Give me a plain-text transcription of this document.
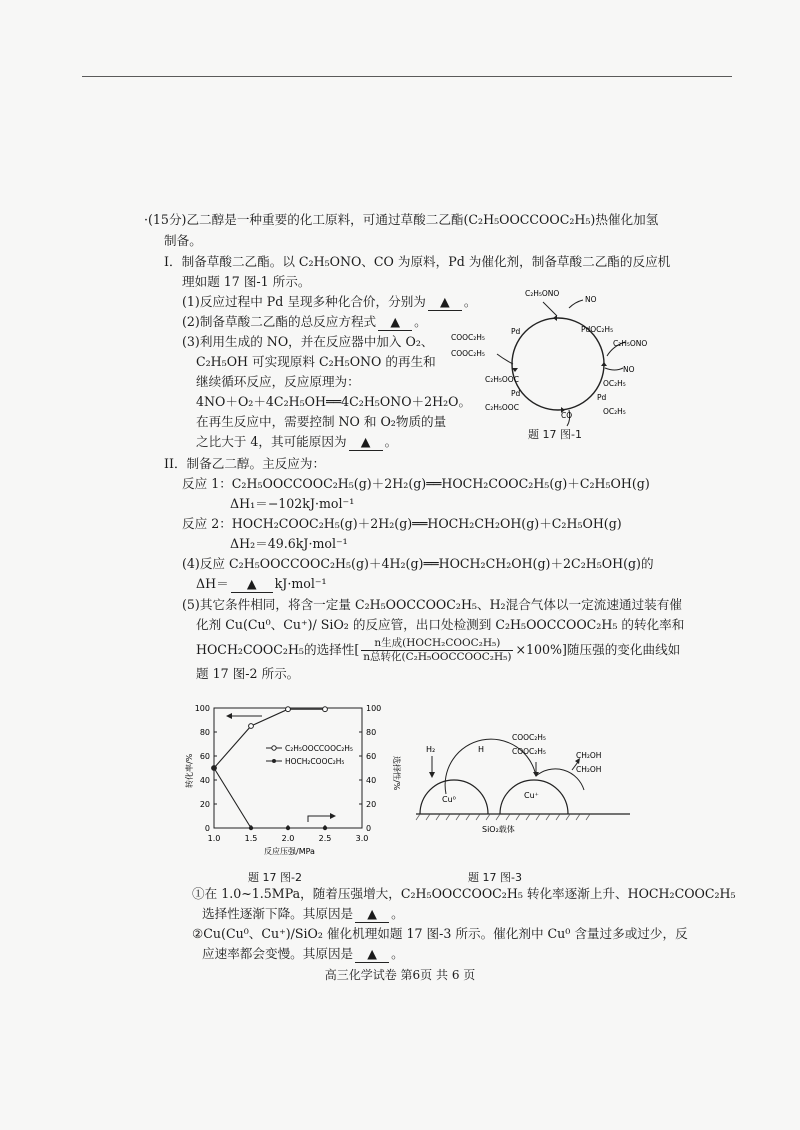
·(15分)乙二醇是一种重要的化工原料，可通过草酸二乙酯(C₂H₅OOCCOOC₂H₅)热催化加氢
制备。
I．制备草酸二乙酯。以 C₂H₅ONO、CO 为原料，Pd 为催化剂，制备草酸二乙酯的反应机
理如题 17 图-1 所示。
(1)反应过程中 Pd 呈现多种化合价，分别为 ▲ 。
(2)制备草酸二乙酯的总反应方程式 ▲ 。
(3)利用生成的 NO，并在反应器中加入 O₂、
C₂H₅OH 可实现原料 C₂H₅ONO 的再生和
继续循环反应，反应原理为：
4NO＋O₂＋4C₂H₅OH══4C₂H₅ONO＋2H₂O。
在再生反应中，需要控制 NO 和 O₂物质的量
之比大于 4，其可能原因为 ▲ 。
C₂H₅ONO
NO
Pd	PdOC₂H₅
COOC₂H₅
COOC₂H₅
C₂H₅ONO
NO
C₂H₅OOC
Pd
C₂H₅OOC
OC₂H₅
Pd
OC₂H₅
CO
题 17 图-1
II．制备乙二醇。主反应为：
反应 1：C₂H₅OOCCOOC₂H₅(g)＋2H₂(g)══HOCH₂COOC₂H₅(g)＋C₂H₅OH(g)
ΔH₁＝−102kJ·mol⁻¹
反应 2：HOCH₂COOC₂H₅(g)＋2H₂(g)══HOCH₂CH₂OH(g)＋C₂H₅OH(g)
ΔH₂＝49.6kJ·mol⁻¹
(4)反应 C₂H₅OOCCOOC₂H₅(g)＋4H₂(g)══HOCH₂CH₂OH(g)＋2C₂H₅OH(g)的
ΔH＝ ▲ kJ·mol⁻¹
(5)其它条件相同，将含一定量 C₂H₅OOCCOOC₂H₅、H₂混合气体以一定流速通过装有催
化剂 Cu(Cu⁰、Cu⁺)/ SiO₂ 的反应管，出口处检测到 C₂H₅OOCCOOC₂H₅ 的转化率和
HOCH₂COOC₂H₅的选择性[ $\frac{\text{n生成(HOCH₂COOC₂H₅)}}{\text{n总转化(C₂H₅OOCCOOC₂H₅)}} \times 100\%$]随压强的变化曲线如
题 17 图-2 所示。
0	0
20	20
40	40
60	60
80	80
100	100
1.0	1.5	2.0	2.5	3.0
C₂H₅OOCCOOC₂H₅
HOCH₂COOC₂H₅
转化率/%	选择性/%
反应压强/MPa
题 17 图-2
H₂	H
COOC₂H₅
COOC₂H₅	CH₂OH
CH₂OH
Cu⁰	Cu⁺
SiO₂载体
题 17 图-3
①在 1.0~1.5MPa，随着压强增大，C₂H₅OOCCOOC₂H₅ 转化率逐渐上升、HOCH₂COOC₂H₅
选择性逐渐下降。其原因是 ▲ 。
②Cu(Cu⁰、Cu⁺)/SiO₂ 催化机理如题 17 图-3 所示。催化剂中 Cu⁰ 含量过多或过少，反
应速率都会变慢。其原因是 ▲ 。
高三化学试卷 第6页 共 6 页
